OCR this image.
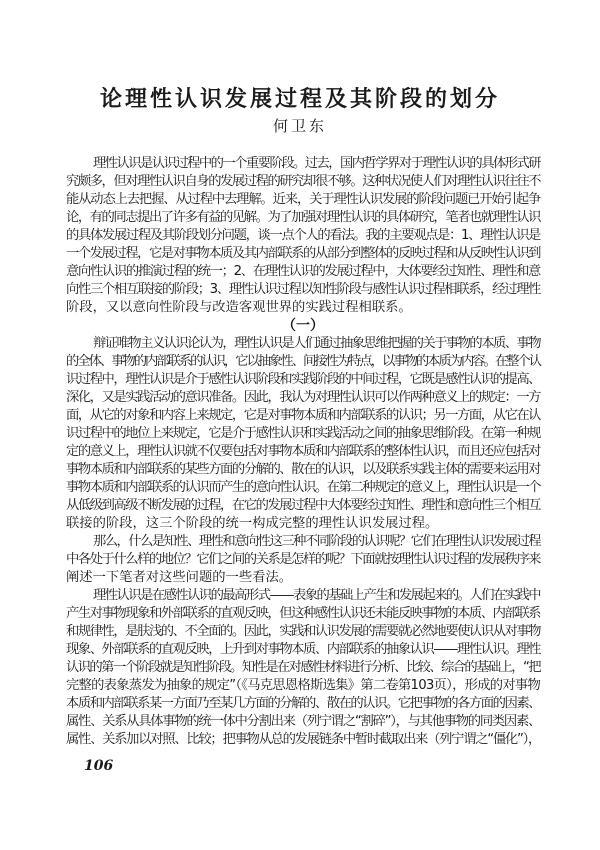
论理性认识发展过程及其阶段的划分
何卫东
理性认识是认识过程中的一个重要阶段。过去，国内哲学界对于理性认识的具体形式研
究颇多，但对理性认识自身的发展过程的研究却很不够。这种状况使人们对理性认识往往不
能从动态上去把握、从过程中去理解。近来，关于理性认识发展的阶段问题已开始引起争
论，有的同志提出了许多有益的见解。为了加强对理性认识的具体研究，笔者也就理性认识
的具体发展过程及其阶段划分问题，谈一点个人的看法。我的主要观点是：1、理性认识是
一个发展过程，它是对事物本质及其内部联系的从部分到整体的反映过程和从反映性认识到
意向性认识的推演过程的统一；2、在理性认识的发展过程中，大体要经过知性、理性和意
向性三个相互联接的阶段；3、理性认识过程以知性阶段与感性认识过程相联系，经过理性
阶段，又以意向性阶段与改造客观世界的实践过程相联系。
（一）
辩证唯物主义认识论认为，理性认识是人们通过抽象思维把握的关于事物的本质、事物
的全体、事物的内部联系的认识，它以抽象性、间接性为特点，以事物的本质为内容。在整个认
识过程中，理性认识是介于感性认识阶段和实践阶段的中间过程，它既是感性认识的提高、
深化，又是实践活动的意识准备。因此，我认为对理性认识可以作两种意义上的规定：一方
面，从它的对象和内容上来规定，它是对事物本质和内部联系的认识；另一方面，从它在认
识过程中的地位上来规定，它是介于感性认识和实践活动之间的抽象思维阶段。在第一种规
定的意义上，理性认识就不仅要包括对事物本质和内部联系的整体性认识，而且还应包括对
事物本质和内部联系的某些方面的分解的、散在的认识，以及联系实践主体的需要来运用对
事物本质和内部联系的认识而产生的意向性认识。在第二种规定的意义上，理性认识是一个
从低级到高级不断发展的过程，在它的发展过程中大体要经过知性、理性和意向性三个相互
联接的阶段，这三个阶段的统一构成完整的理性认识发展过程。
那么，什么是知性、理性和意向性这三种不同阶段的认识呢？它们在理性认识发展过程
中各处于什么样的地位？它们之间的关系是怎样的呢？下面就按理性认识过程的发展秩序来
阐述一下笔者对这些问题的一些看法。
理性认识是在感性认识的最高形式——表象的基础上产生和发展起来的。人们在实践中
产生对事物现象和外部联系的直观反映，但这种感性认识还未能反映事物的本质、内部联系
和规律性，是肤浅的、不全面的。因此，实践和认识发展的需要就必然地要使认识从对事物
现象、外部联系的直观反映，上升到对事物本质、内部联系的抽象认识——理性认识。理性
认识的第一个阶段就是知性阶段。知性是在对感性材料进行分析、比较、综合的基础上，“把
完整的表象蒸发为抽象的规定”（《马克思恩格斯选集》第二卷第103页），形成的对事物
本质和内部联系某一方面乃至某几方面的分解的、散在的认识。它把事物的各方面的因素、
属性、关系从具体事物的统一体中分割出来（列宁谓之“割碎”），与其他事物的同类因素、
属性、关系加以对照、比较；把事物从总的发展链条中暂时截取出来（列宁谓之“僵化”），
106
